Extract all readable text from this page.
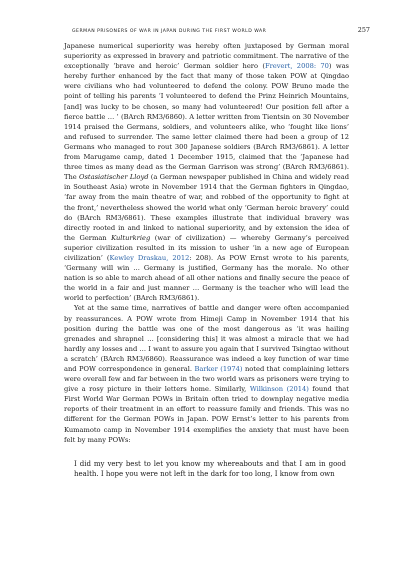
GERMAN PRISONERS OF WAR IN JAPAN DURING THE FIRST WORLD WAR	257

Japanese numerical superiority was hereby often juxtaposed by German moral superiority as expressed in bravery and patriotic commitment. The narrative of the exceptionally ‘brave and heroic’ German soldier hero (Frevert, 2008: 70) was hereby further enhanced by the fact that many of those taken POW at Qingdao were civilians who had volunteered to defend the colony. POW Bruno made the point of telling his parents ‘I volunteered to defend the Prinz Heinrich Mountains, [and] was lucky to be chosen, so many had volunteered! Our position fell after a fierce battle … ’ (BArch RM3/6860). A letter written from Tientsin on 30 November 1914 praised the Germans, soldiers, and volunteers alike, who ‘fought like lions’ and refused to surrender. The same letter claimed there had been a group of 12 Germans who managed to rout 300 Japanese soldiers (BArch RM3/6861). A letter from Marugame camp, dated 1 December 1915, claimed that the ‘Japanese had three times as many dead as the German Garrison was strong’ (BArch RM3/6861). The Ostasiatischer Lloyd (a German newspaper published in China and widely read in Southeast Asia) wrote in November 1914 that the German fighters in Qingdao, ‘far away from the main theatre of war, and robbed of the opportunity to fight at the front,’ nevertheless showed the world what only ‘German heroic bravery’ could do (BArch RM3/6861). These examples illustrate that individual bravery was directly rooted in and linked to national superiority, and by extension the idea of the German Kulturkrieg (war of civilization) — whereby Germany’s perceived superior civilization resulted in its mission to usher ‘in a new age of European civilization’ (Kewley Draskau, 2012: 208). As POW Ernst wrote to his parents, ‘Germany will win … Germany is justified, Germany has the morale. No other nation is so able to march ahead of all other nations and finally secure the peace of the world in a fair and just manner … Germany is the teacher who will lead the world to perfection’ (BArch RM3/6861).

Yet at the same time, narratives of battle and danger were often accompanied by reassurances. A POW wrote from Himeji Camp in November 1914 that his position during the battle was one of the most dangerous as ‘it was hailing grenades and shrapnel … [considering this] it was almost a miracle that we had hardly any losses and … I want to assure you again that I survived Tsingtao without a scratch’ (BArch RM3/6860). Reassurance was indeed a key function of war time and POW correspondence in general. Barker (1974) noted that complaining letters were overall few and far between in the two world wars as prisoners were trying to give a rosy picture in their letters home. Similarly, Wilkinson (2014) found that First World War German POWs in Britain often tried to downplay negative media reports of their treatment in an effort to reassure family and friends. This was no different for the German POWs in Japan. POW Ernst’s letter to his parents from Kumamoto camp in November 1914 exemplifies the anxiety that must have been felt by many POWs:

I did my very best to let you know my whereabouts and that I am in good health. I hope you were not left in the dark for too long, I know from own
